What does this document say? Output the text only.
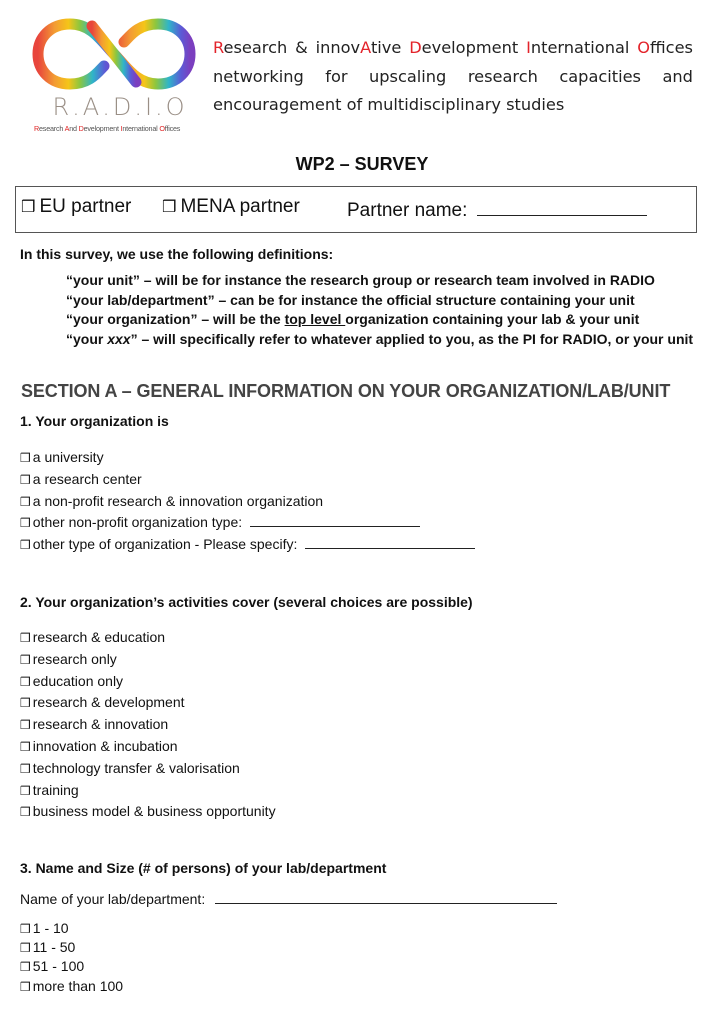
R.A.D.I.O
Research And Development International Offices
Research & innovAtive Development International Offices
networking for upscaling research capacities and
encouragement of multidisciplinary studies
WP2 – SURVEY
❒ EU partner ❒ MENA partner Partner name:
In this survey, we use the following definitions:
“your unit” – will be for instance the research group or research team involved in RADIO
“your lab/department” – can be for instance the official structure containing your unit
“your organization” – will be the top level organization containing your lab & your unit
“your xxx” – will specifically refer to whatever applied to you, as the PI for RADIO, or your unit
SECTION A – GENERAL INFORMATION ON YOUR ORGANIZATION/LAB/UNIT
1. Your organization is
❒ a university
❒ a research center
❒ a non-profit research & innovation organization
❒ other non-profit organization type:
❒ other type of organization - Please specify:
2. Your organization’s activities cover (several choices are possible)
❒ research & education
❒ research only
❒ education only
❒ research & development
❒ research & innovation
❒ innovation & incubation
❒ technology transfer & valorisation
❒ training
❒ business model & business opportunity
3. Name and Size (# of persons) of your lab/department
Name of your lab/department:
❒ 1 - 10
❒ 11 - 50
❒ 51 - 100
❒ more than 100
